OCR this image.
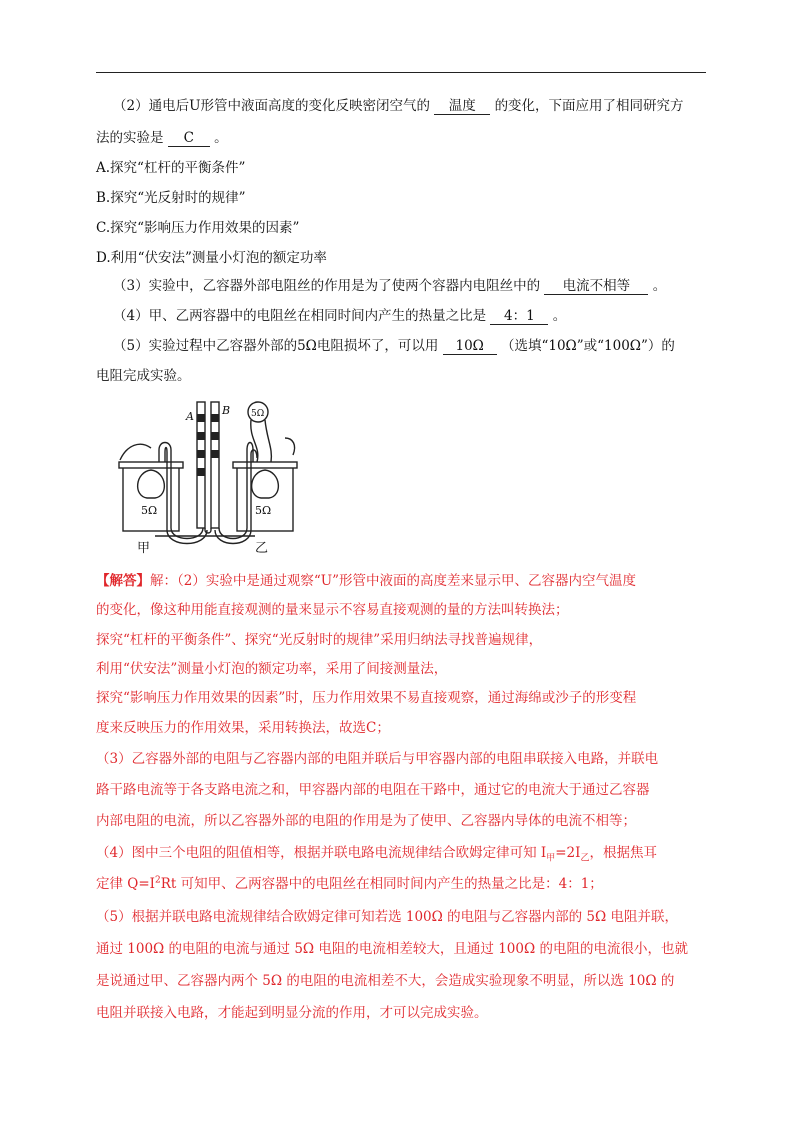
（2）通电后U形管中液面高度的变化反映密闭空气的 温度 的变化，下面应用了相同研究方
法的实验是 C 。
A.探究“杠杆的平衡条件”
B.探究“光反射时的规律”
C.探究“影响压力作用效果的因素”
D.利用“伏安法”测量小灯泡的额定功率
（3）实验中，乙容器外部电阻丝的作用是为了使两个容器内电阻丝中的 电流不相等 。
（4）甲、乙两容器中的电阻丝在相同时间内产生的热量之比是 4：1 。
（5）实验过程中乙容器外部的5Ω电阻损坏了，可以用 10Ω （选填“10Ω”或“100Ω”）的
电阻完成实验。
A	B 5Ω
5Ω	5Ω
甲	乙
【解答】解：（2）实验中是通过观察“U”形管中液面的高度差来显示甲、乙容器内空气温度
的变化，像这种用能直接观测的量来显示不容易直接观测的量的方法叫转换法；
探究“杠杆的平衡条件”、探究“光反射时的规律”采用归纳法寻找普遍规律，
利用“伏安法”测量小灯泡的额定功率，采用了间接测量法，
探究“影响压力作用效果的因素”时，压力作用效果不易直接观察，通过海绵或沙子的形变程
度来反映压力的作用效果，采用转换法，故选C；
（3）乙容器外部的电阻与乙容器内部的电阻并联后与甲容器内部的电阻串联接入电路，并联电
路干路电流等于各支路电流之和，甲容器内部的电阻在干路中，通过它的电流大于通过乙容器
内部电阻的电流，所以乙容器外部的电阻的作用是为了使甲、乙容器内导体的电流不相等；
（4）图中三个电阻的阻值相等，根据并联电路电流规律结合欧姆定律可知 $I_甲=2I_乙$，根据焦耳
定律 $Q=I^2Rt$ 可知甲、乙两容器中的电阻丝在相同时间内产生的热量之比是：4：1；
（5）根据并联电路电流规律结合欧姆定律可知若选 100Ω 的电阻与乙容器内部的 5Ω 电阻并联，
通过 100Ω 的电阻的电流与通过 5Ω 电阻的电流相差较大，且通过 100Ω 的电阻的电流很小，也就
是说通过甲、乙容器内两个 5Ω 的电阻的电流相差不大，会造成实验现象不明显，所以选 10Ω 的
电阻并联接入电路，才能起到明显分流的作用，才可以完成实验。
